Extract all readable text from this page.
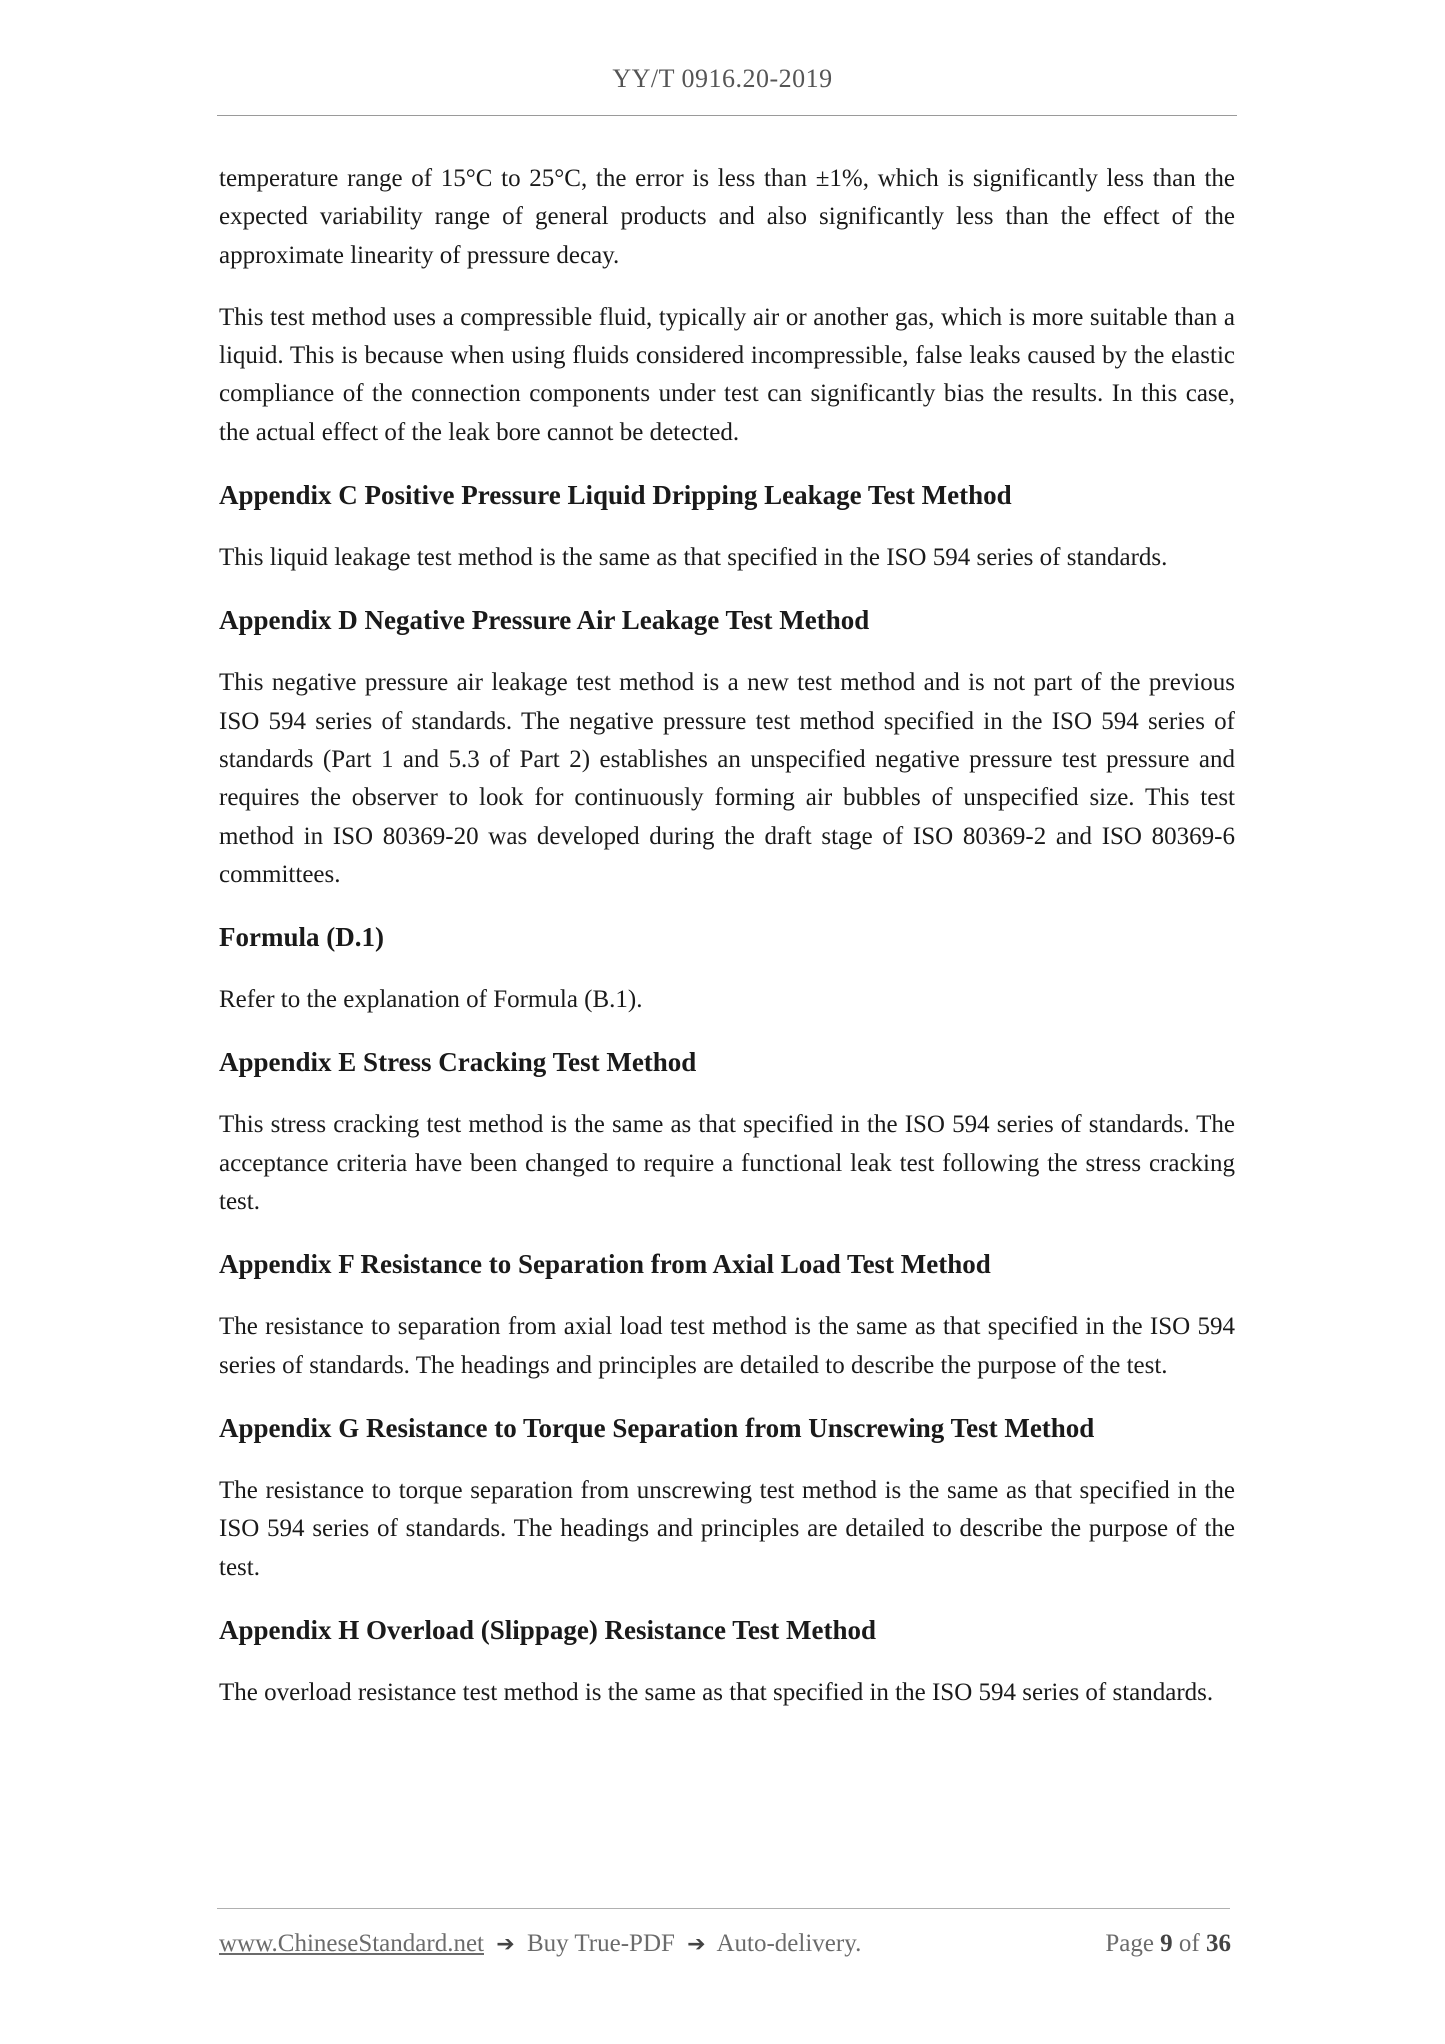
YY/T 0916.20-2019

temperature range of 15°C to 25°C, the error is less than ±1%, which is significantly less than the expected variability range of general products and also significantly less than the effect of the approximate linearity of pressure decay.

This test method uses a compressible fluid, typically air or another gas, which is more suitable than a liquid. This is because when using fluids considered incompressible, false leaks caused by the elastic compliance of the connection components under test can significantly bias the results. In this case, the actual effect of the leak bore cannot be detected.

Appendix C Positive Pressure Liquid Dripping Leakage Test Method

This liquid leakage test method is the same as that specified in the ISO 594 series of standards.

Appendix D Negative Pressure Air Leakage Test Method

This negative pressure air leakage test method is a new test method and is not part of the previous ISO 594 series of standards. The negative pressure test method specified in the ISO 594 series of standards (Part 1 and 5.3 of Part 2) establishes an unspecified negative pressure test pressure and requires the observer to look for continuously forming air bubbles of unspecified size. This test method in ISO 80369-20 was developed during the draft stage of ISO 80369-2 and ISO 80369-6 committees.

Formula (D.1)

Refer to the explanation of Formula (B.1).

Appendix E Stress Cracking Test Method

This stress cracking test method is the same as that specified in the ISO 594 series of standards. The acceptance criteria have been changed to require a functional leak test following the stress cracking test.

Appendix F Resistance to Separation from Axial Load Test Method

The resistance to separation from axial load test method is the same as that specified in the ISO 594 series of standards. The headings and principles are detailed to describe the purpose of the test.

Appendix G Resistance to Torque Separation from Unscrewing Test Method

The resistance to torque separation from unscrewing test method is the same as that specified in the ISO 594 series of standards. The headings and principles are detailed to describe the purpose of the test.

Appendix H Overload (Slippage) Resistance Test Method

The overload resistance test method is the same as that specified in the ISO 594 series of standards.

www.ChineseStandard.net ➔ Buy True-PDF ➔ Auto-delivery.	Page 9 of 36
